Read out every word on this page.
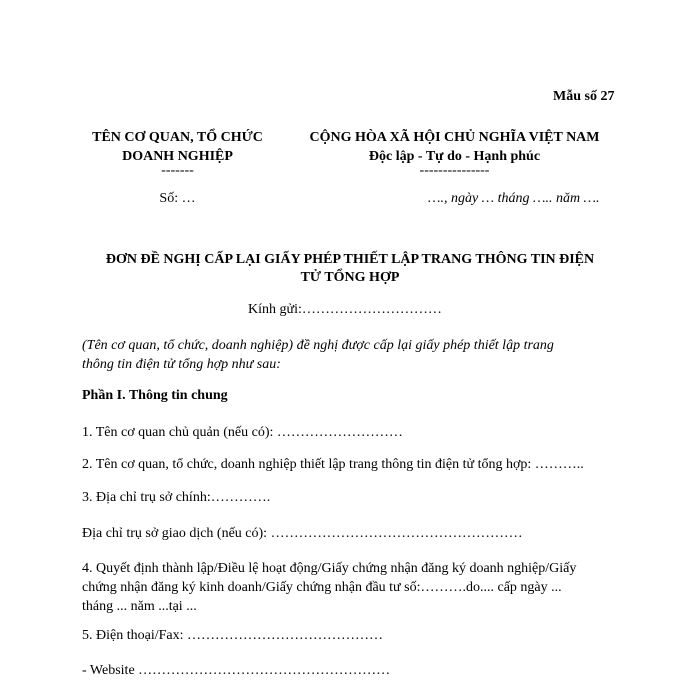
Mẫu số 27
TÊN CƠ QUAN, TỔ CHỨC
DOANH NGHIỆP
-------
Số: …
CỘNG HÒA XÃ HỘI CHỦ NGHĨA VIỆT NAM
Độc lập - Tự do - Hạnh phúc
---------------
…., ngày … tháng ….. năm ….
ĐƠN ĐỀ NGHỊ CẤP LẠI GIẤY PHÉP THIẾT LẬP TRANG THÔNG TIN ĐIỆN
TỬ TỔNG HỢP
Kính gửi:…………………………
(Tên cơ quan, tổ chức, doanh nghiệp) đề nghị được cấp lại giấy phép thiết lập trang
thông tin điện tử tổng hợp như sau:
Phần I. Thông tin chung
1. Tên cơ quan chủ quản (nếu có): ………………………
2. Tên cơ quan, tổ chức, doanh nghiệp thiết lập trang thông tin điện tử tổng hợp: ………..
3. Địa chỉ trụ sở chính:………….
Địa chỉ trụ sở giao dịch (nếu có): ………………………………………………
4. Quyết định thành lập/Điều lệ hoạt động/Giấy chứng nhận đăng ký doanh nghiệp/Giấy
chứng nhận đăng ký kinh doanh/Giấy chứng nhận đầu tư số:……….do.... cấp ngày ...
tháng ... năm ...tại ...
5. Điện thoại/Fax: ……………………………………
- Website ………………………………………………
